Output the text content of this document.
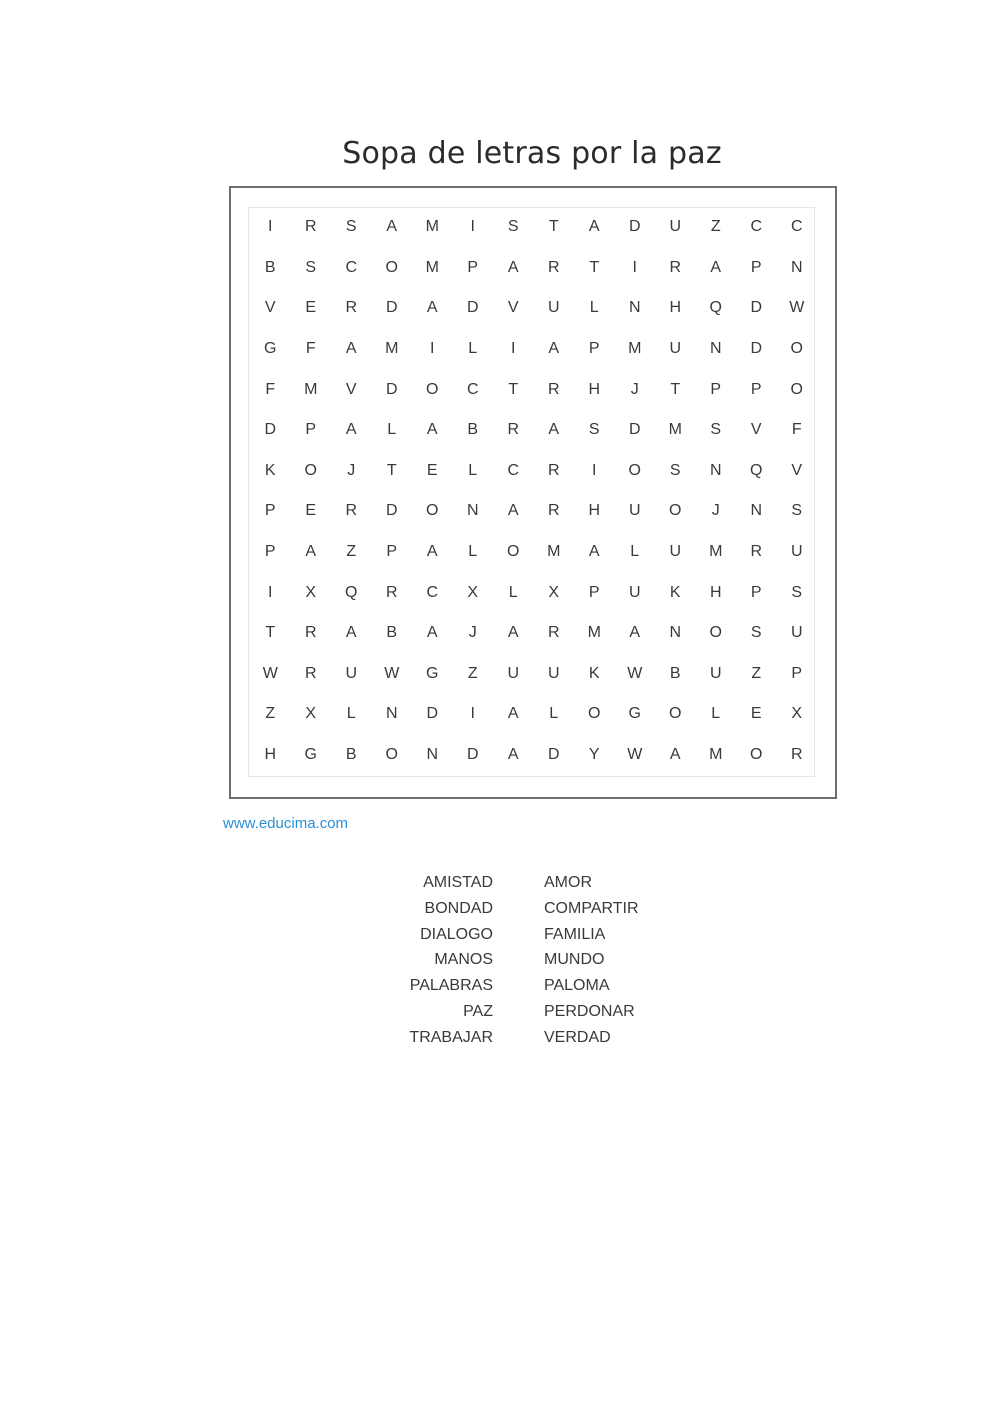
Sopa de letras por la paz
I	R	S	A	M	I	S	T	A	D	U	Z	C	C
B	S	C	O	M	P	A	R	T	I	R	A	P	N
V	E	R	D	A	D	V	U	L	N	H	Q	D	W
G	F	A	M	I	L	I	A	P	M	U	N	D	O
F	M	V	D	O	C	T	R	H	J	T	P	P	O
D	P	A	L	A	B	R	A	S	D	M	S	V	F
K	O	J	T	E	L	C	R	I	O	S	N	Q	V
P	E	R	D	O	N	A	R	H	U	O	J	N	S
P	A	Z	P	A	L	O	M	A	L	U	M	R	U
I	X	Q	R	C	X	L	X	P	U	K	H	P	S
T	R	A	B	A	J	A	R	M	A	N	O	S	U
W	R	U	W	G	Z	U	U	K	W	B	U	Z	P
Z	X	L	N	D	I	A	L	O	G	O	L	E	X
H	G	B	O	N	D	A	D	Y	W	A	M	O	R
www.educima.com
AMISTAD
BONDAD
DIALOGO
MANOS
PALABRAS
PAZ
TRABAJAR
AMOR
COMPARTIR
FAMILIA
MUNDO
PALOMA
PERDONAR
VERDAD
